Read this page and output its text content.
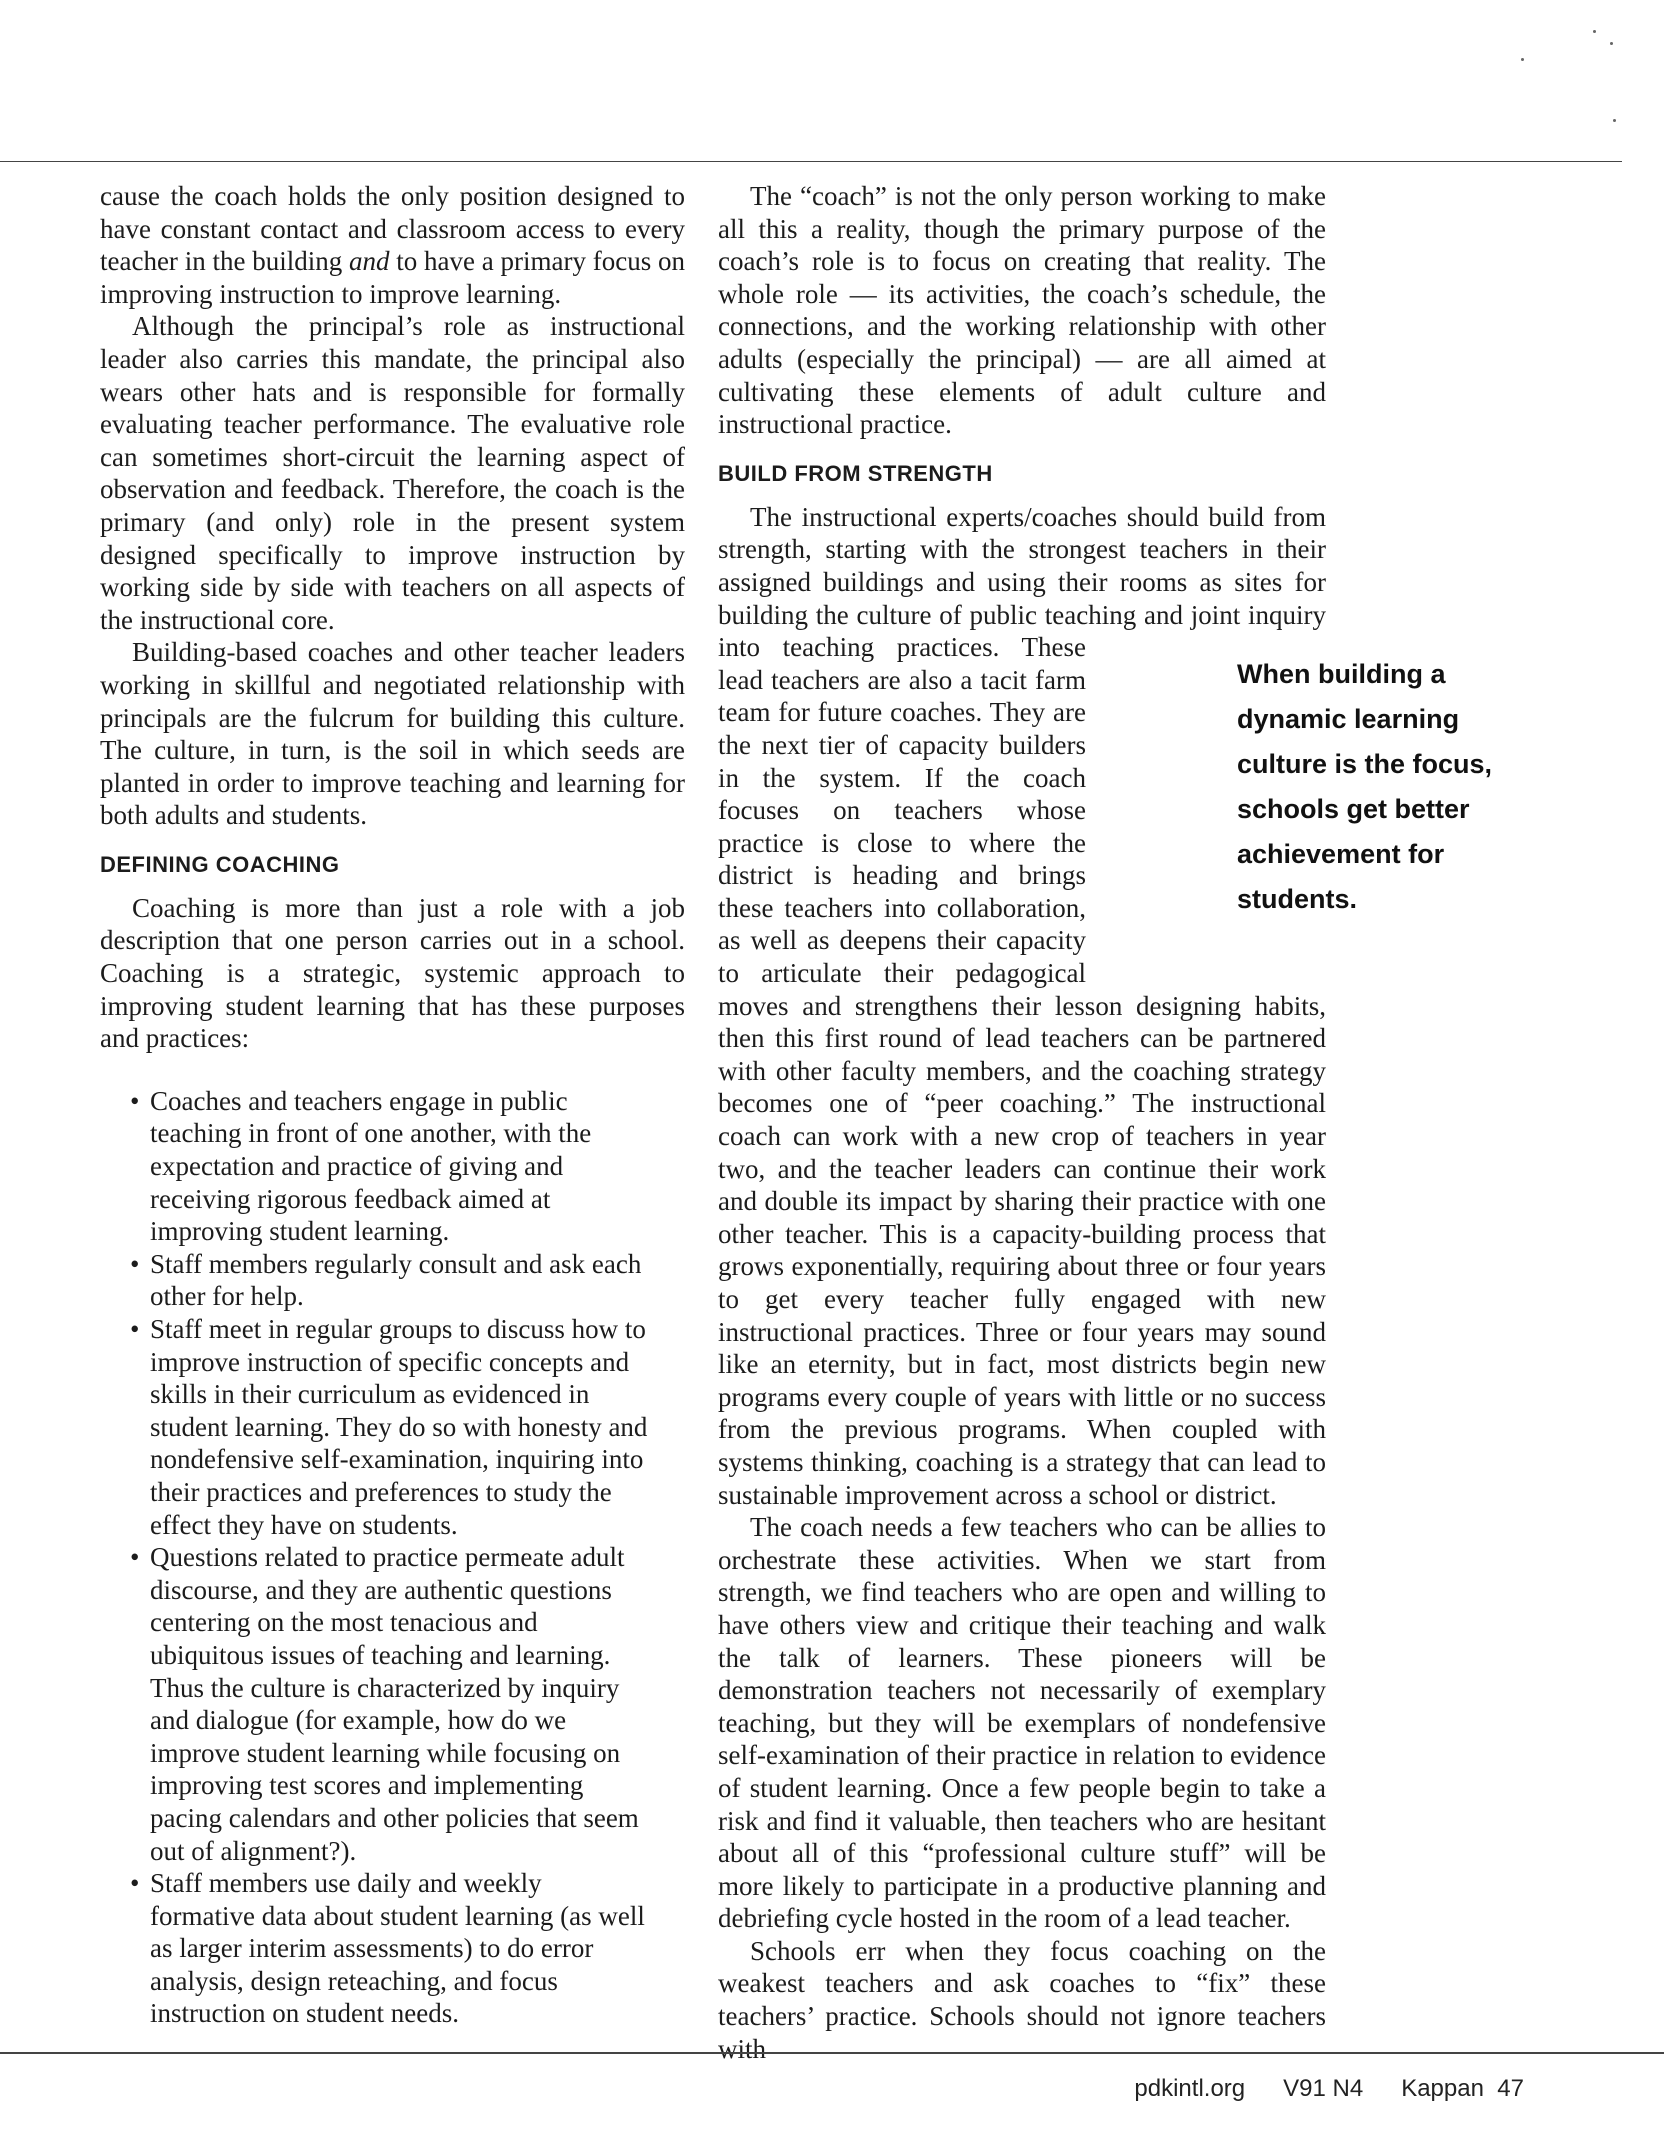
cause the coach holds the only position designed to have constant contact and classroom access to every teacher in the building and to have a primary focus on improving instruction to improve learning.

Although the principal’s role as instructional leader also carries this mandate, the principal also wears other hats and is responsible for formally evaluating teacher performance. The evaluative role can sometimes short-circuit the learning aspect of observation and feedback. Therefore, the coach is the primary (and only) role in the present system designed specifically to improve instruction by working side by side with teachers on all aspects of the instructional core.

Building-based coaches and other teacher leaders working in skillful and negotiated relationship with principals are the fulcrum for building this culture. The culture, in turn, is the soil in which seeds are planted in order to improve teaching and learning for both adults and students.

DEFINING COACHING

Coaching is more than just a role with a job description that one person carries out in a school. Coaching is a strategic, systemic approach to improving student learning that has these purposes and practices:

• Coaches and teachers engage in public teaching in front of one another, with the expectation and practice of giving and receiving rigorous feedback aimed at improving student learning.
• Staff members regularly consult and ask each other for help.
• Staff meet in regular groups to discuss how to improve instruction of specific concepts and skills in their curriculum as evidenced in student learning. They do so with honesty and nondefensive self-examination, inquiring into their practices and preferences to study the effect they have on students.
• Questions related to practice permeate adult discourse, and they are authentic questions centering on the most tenacious and ubiquitous issues of teaching and learning. Thus the culture is characterized by inquiry and dialogue (for example, how do we improve student learning while focusing on improving test scores and implementing pacing calendars and other policies that seem out of alignment?).
• Staff members use daily and weekly formative data about student learning (as well as larger interim assessments) to do error analysis, design reteaching, and focus instruction on student needs.

The “coach” is not the only person working to make all this a reality, though the primary purpose of the coach’s role is to focus on creating that reality. The whole role — its activities, the coach’s schedule, the connections, and the working relationship with other adults (especially the principal) — are all aimed at cultivating these elements of adult culture and instructional practice.

BUILD FROM STRENGTH

The instructional experts/coaches should build from strength, starting with the strongest teachers in their assigned buildings and using their rooms as sites for building the culture of public teaching and joint inquiry into teaching practices. These lead teachers are also a tacit farm team for future coaches. They are the next tier of capacity builders in the system. If the coach focuses on teachers whose practice is close to where the district is heading and brings these teachers into collaboration, as well as deepens their capacity to articulate their pedagogical moves and strengthens their lesson designing habits, then this first round of lead teachers can be partnered with other faculty members, and the coaching strategy becomes one of “peer coaching.” The instructional coach can work with a new crop of teachers in year two, and the teacher leaders can continue their work and double its impact by sharing their practice with one other teacher. This is a capacity-building process that grows exponentially, requiring about three or four years to get every teacher fully engaged with new instructional practices. Three or four years may sound like an eternity, but in fact, most districts begin new programs every couple of years with little or no success from the previous programs. When coupled with systems thinking, coaching is a strategy that can lead to sustainable improvement across a school or district.

The coach needs a few teachers who can be allies to orchestrate these activities. When we start from strength, we find teachers who are open and willing to have others view and critique their teaching and walk the talk of learners. These pioneers will be demonstration teachers not necessarily of exemplary teaching, but they will be exemplars of nondefensive self-examination of their practice in relation to evidence of student learning. Once a few people begin to take a risk and find it valuable, then teachers who are hesitant about all of this “professional culture stuff” will be more likely to participate in a productive planning and debriefing cycle hosted in the room of a lead teacher.

Schools err when they focus coaching on the weakest teachers and ask coaches to “fix” these teachers’ practice. Schools should not ignore teachers with

When building a dynamic learning culture is the focus, schools get better achievement for students.
pdkintl.org V91 N4 Kappan 47
